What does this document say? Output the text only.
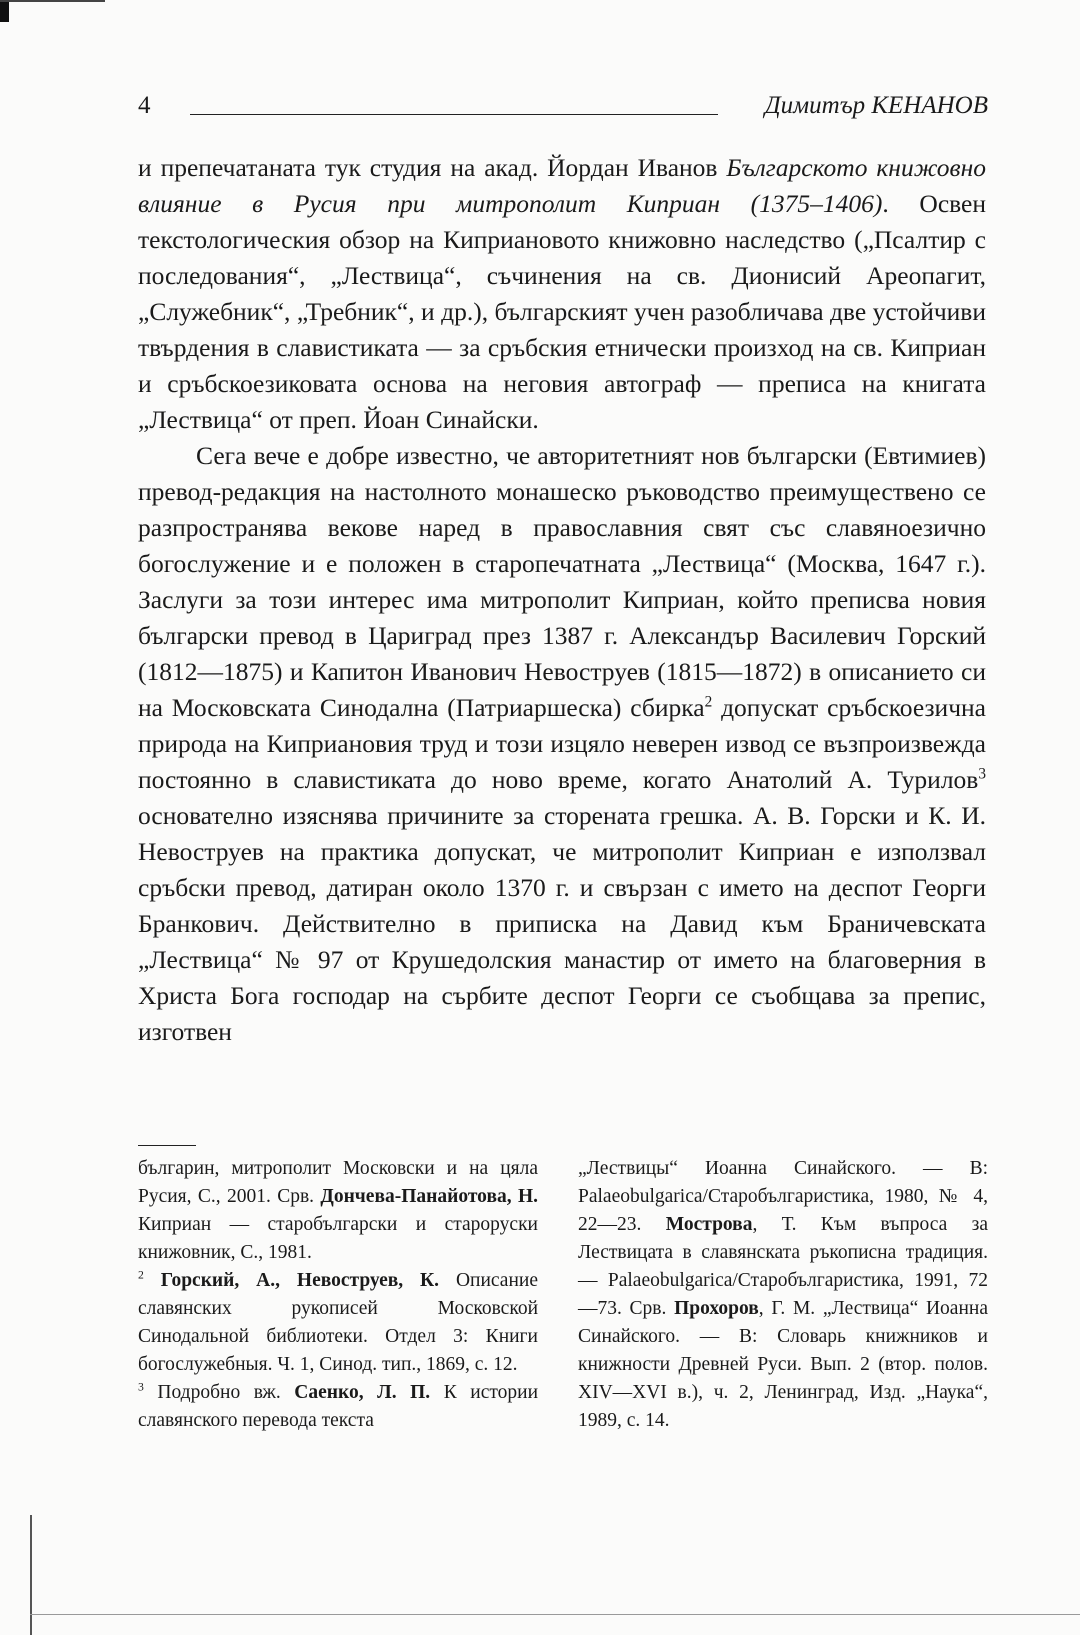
4	Димитър КЕНАНОВ

и препечатаната тук студия на акад. Йордан Иванов Българското книжовно влияние в Русия при митрополит Киприан (1375–1406). Освен текстологическия обзор на Киприановото книжовно наследство („Псалтир с последования“, „Лествица“, съчинения на св. Дионисий Ареопагит, „Служебник“, „Требник“, и др.), българският учен разобличава две устойчиви твърдения в славистиката — за сръбския етнически произход на св. Киприан и сръбскоезиковата основа на неговия автограф — преписа на книгата „Лествица“ от преп. Йоан Синайски.

Сега вече е добре известно, че авторитетният нов български (Евтимиев) превод-редакция на настолното монашеско ръководство преимуществено се разпространява векове наред в православния свят със славяноезично богослужение и е положен в старопечатната „Лествица“ (Москва, 1647 г.). Заслуги за този интерес има митрополит Киприан, който преписва новия български превод в Цариград през 1387 г. Александър Василевич Горский (1812—1875) и Капитон Иванович Невоструев (1815—1872) в описанието си на Московската Синодална (Патриаршеска) сбирка$^2$ допускат сръбскоезична природа на Киприановия труд и този изцяло неверен извод се възпроизвежда постоянно в славистиката до ново време, когато Анатолий А. Турилов$^3$ основателно изяснява причините за сторената грешка. А. В. Горски и К. И. Невоструев на практика допускат, че митрополит Киприан е използвал сръбски превод, датиран около 1370 г. и свързан с името на деспот Георги Бранкович. Действително в приписка на Давид към Браничевската „Лествица“ № 97 от Крушедолския манастир от името на благоверния в Христа Бога господар на сърбите деспот Георги се съобщава за препис, изготвен

българин, митрополит Московски и на цяла Русия, С., 2001. Срв. Дончева-Панайотова, Н. Киприан — старобългарски и староруски книжовник, С., 1981.

$^2$ Горский, А., Невоструев, К. Описание славянских рукописей Московской Синодальной библиотеки. Отдел 3: Книги богослужебныя. Ч. 1, Синод. тип., 1869, с. 12.

$^3$ Подробно вж. Саенко, Л. П. К истории славянского перевода текста

„Лествицы“ Иоанна Синайского. — В: Palaeobulgarica/Старобългаристика, 1980, № 4, 22—23. Мострова, Т. Към въпроса за Лествицата в славянската ръкописна традиция. — Palaeobulgarica/Старобългаристика, 1991, 72—73. Срв. Прохоров, Г. М. „Лествица“ Иоанна Синайского. — В: Словарь книжников и книжности Древней Руси. Вып. 2 (втор. полов. XIV—XVI в.), ч. 2, Ленинград, Изд. „Наука“, 1989, с. 14.
